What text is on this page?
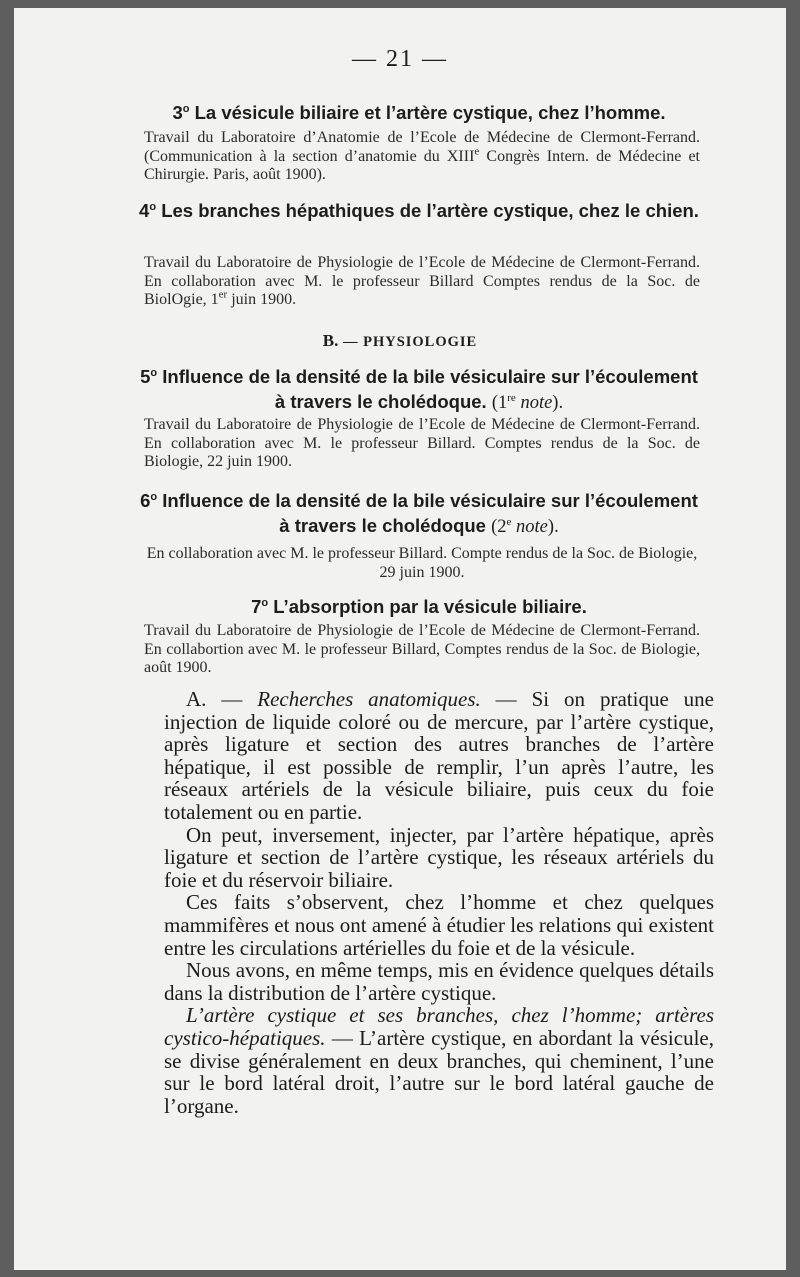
— 21 —
3$^o$ La vésicule biliaire et l’artère cystique, chez l’homme.
Travail du Laboratoire d’Anatomie de l’Ecole de Médecine de Clermont-Ferrand. (Communication à la section d’anatomie du XIIIe Congrès Intern. de Médecine et Chirurgie. Paris, août 1900).
4$^o$ Les branches hépathiques de l’artère cystique, chez le chien.
Travail du Laboratoire de Physiologie de l’Ecole de Médecine de Clermont-Ferrand. En collaboration avec M. le professeur Billard Comptes rendus de la Soc. de BiolOgie, 1er juin 1900.
B. — PHYSIOLOGIE
5$^o$ Influence de la densité de la bile vésiculaire sur l’écoulement à travers le cholédoque. (1re note).
Travail du Laboratoire de Physiologie de l’Ecole de Médecine de Clermont-Ferrand. En collaboration avec M. le professeur Billard. Comptes rendus de la Soc. de Biologie, 22 juin 1900.
6$^o$ Influence de la densité de la bile vésiculaire sur l’écoulement à travers le cholédoque (2e note).
En collaboration avec M. le professeur Billard. Compte rendus de la Soc. de Biologie, 29 juin 1900.
7$^o$ L’absorption par la vésicule biliaire.
Travail du Laboratoire de Physiologie de l’Ecole de Médecine de Clermont-Ferrand. En collabortion avec M. le professeur Billard, Comptes rendus de la Soc. de Biologie, août 1900.

A. — Recherches anatomiques. — Si on pratique une injection de liquide coloré ou de mercure, par l’artère cystique, après ligature et section des autres branches de l’artère hépatique, il est possible de remplir, l’un après l’autre, les réseaux artériels de la vésicule biliaire, puis ceux du foie totalement ou en partie.

On peut, inversement, injecter, par l’artère hépatique, après ligature et section de l’artère cystique, les réseaux artériels du foie et du réservoir biliaire.

Ces faits s’observent, chez l’homme et chez quelques mammifères et nous ont amené à étudier les relations qui existent entre les circulations artérielles du foie et de la vésicule.

Nous avons, en même temps, mis en évidence quelques détails dans la distribution de l’artère cystique.

L’artère cystique et ses branches, chez l’homme; artères cystico-hépatiques. — L’artère cystique, en abordant la vésicule, se divise généralement en deux branches, qui cheminent, l’une sur le bord latéral droit, l’autre sur le bord latéral gauche de l’organe.
